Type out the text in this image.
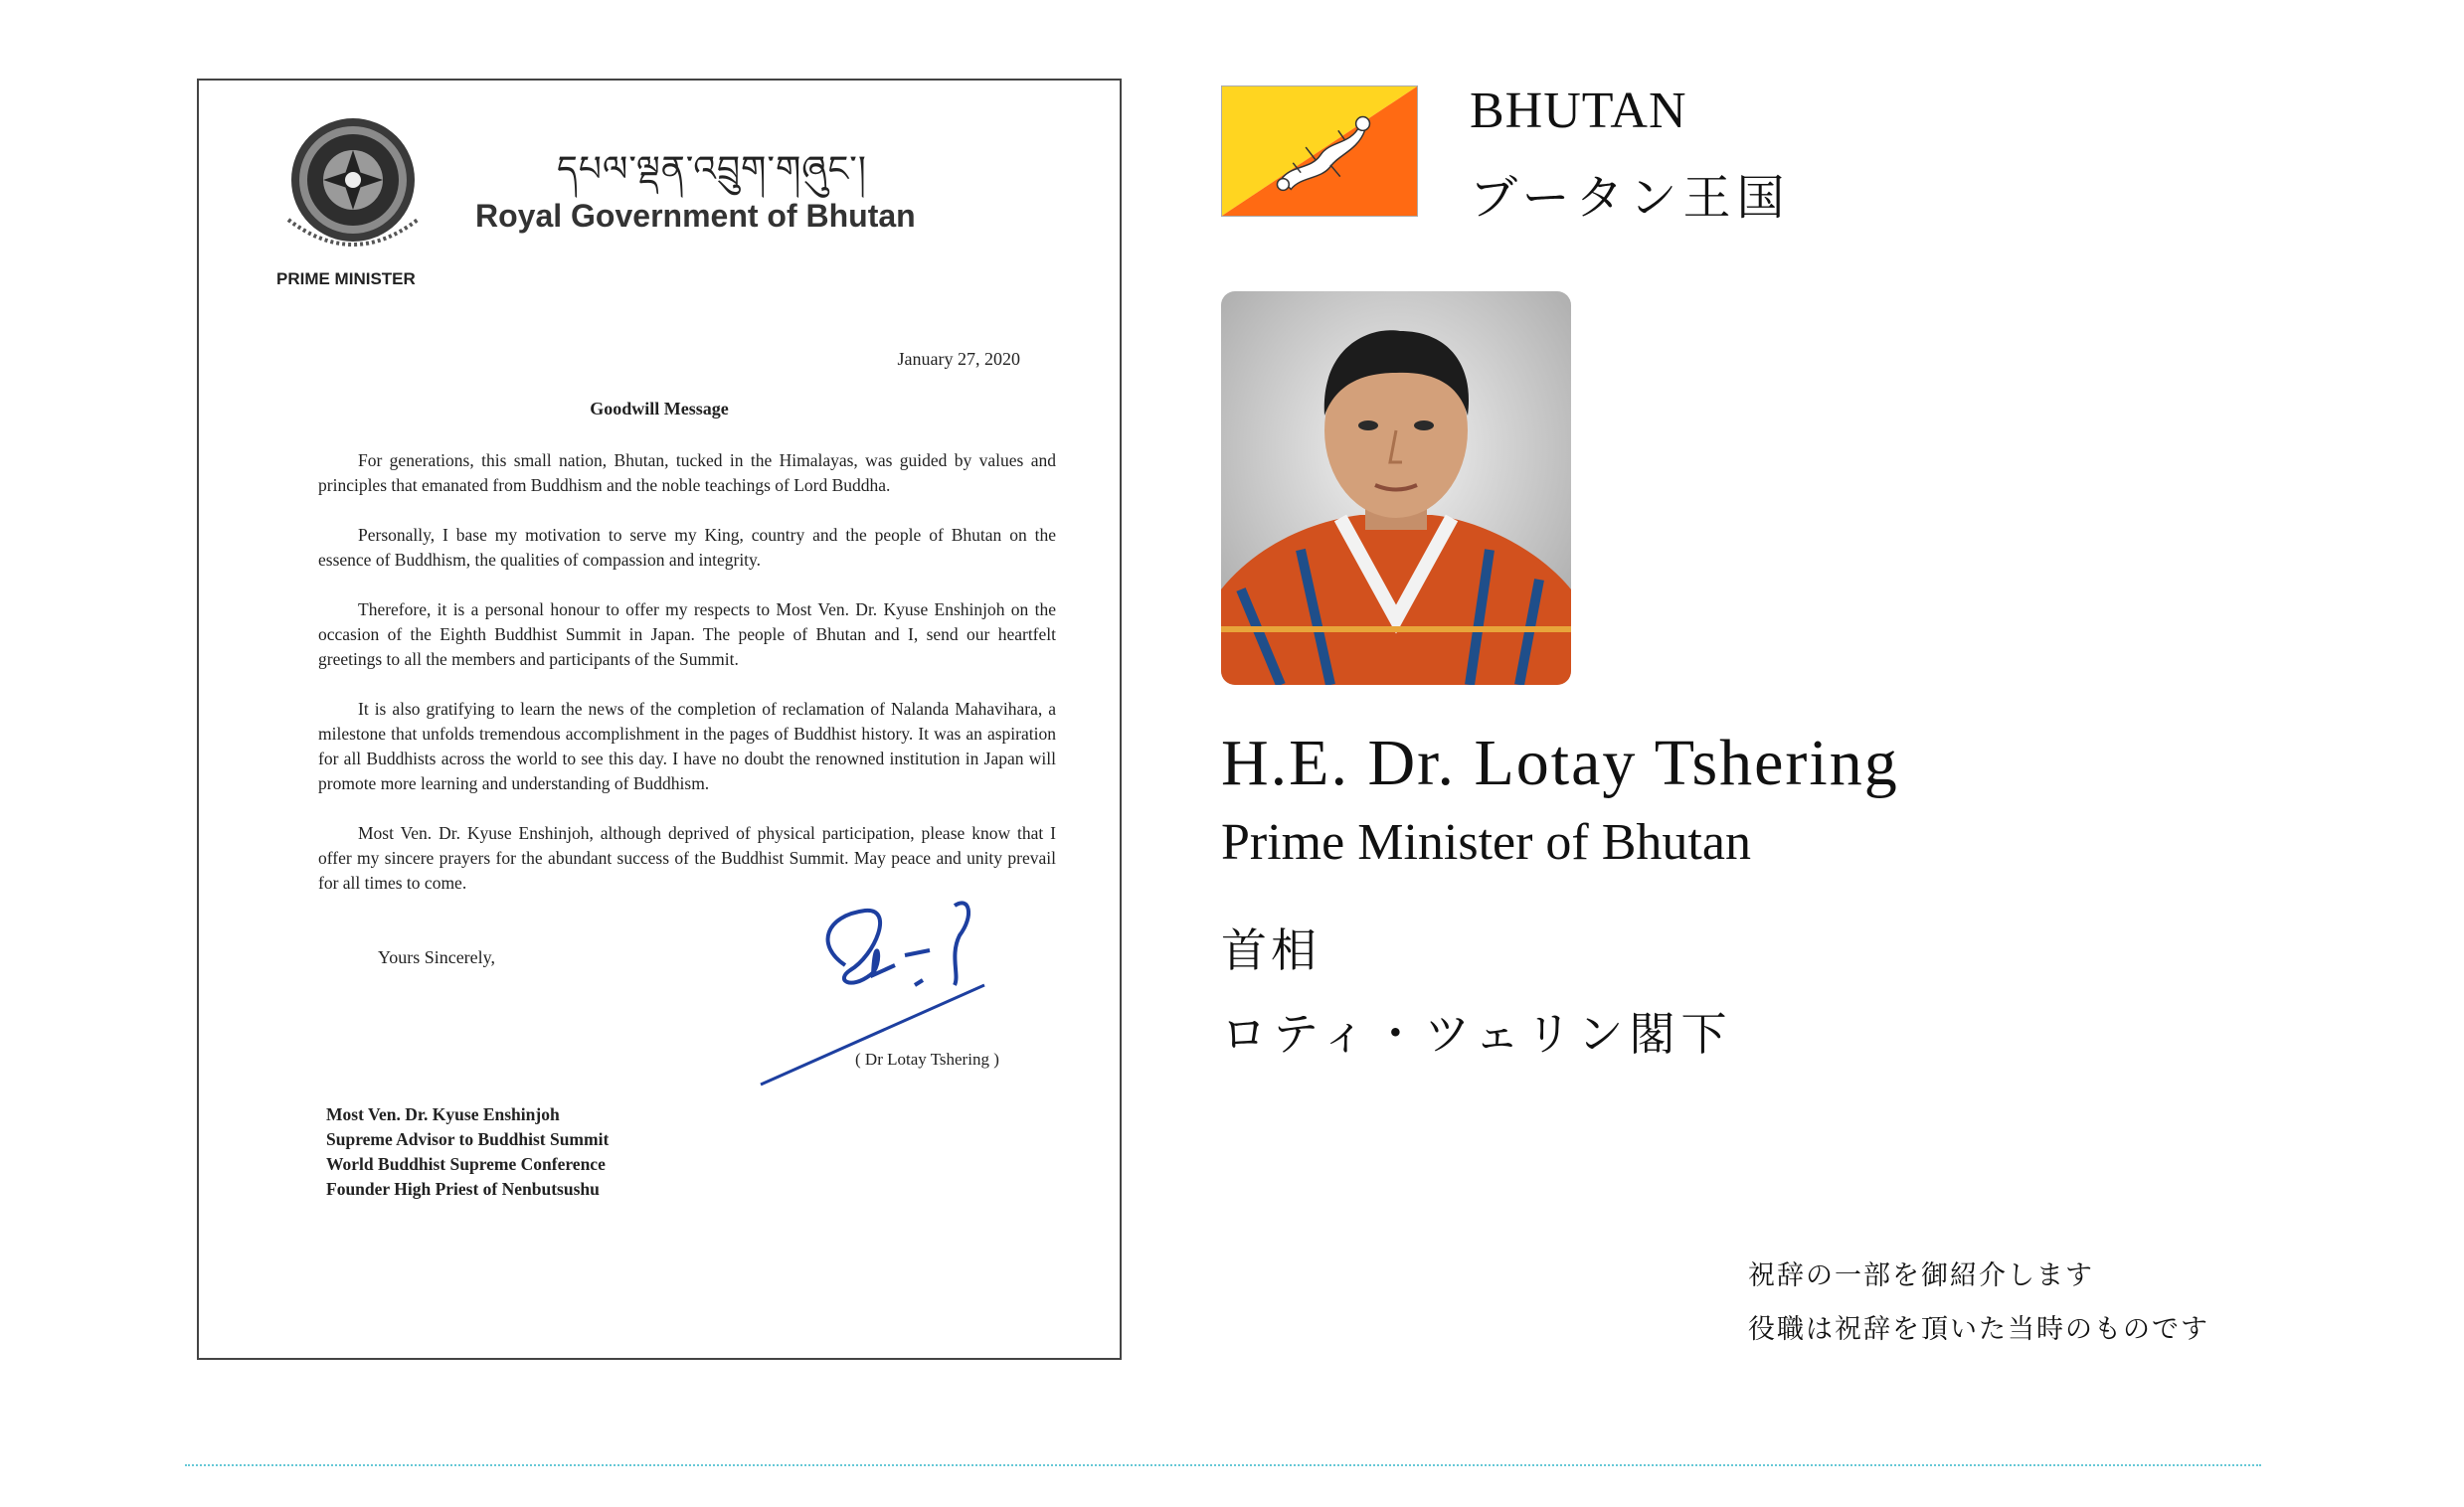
PRIME MINISTER
དཔལ་ལྡན་འབྲུག་གཞུང་།
Royal Government of Bhutan
January 27, 2020
Goodwill Message

For generations, this small nation, Bhutan, tucked in the Himalayas, was guided by values and principles that emanated from Buddhism and the noble teachings of Lord Buddha.

Personally, I base my motivation to serve my King, country and the people of Bhutan on the essence of Buddhism, the qualities of compassion and integrity.

Therefore, it is a personal honour to offer my respects to Most Ven. Dr. Kyuse Enshinjoh on the occasion of the Eighth Buddhist Summit in Japan. The people of Bhutan and I, send our heartfelt greetings to all the members and participants of the Summit.

It is also gratifying to learn the news of the completion of reclamation of Nalanda Mahavihara, a milestone that unfolds tremendous accomplishment in the pages of Buddhist history. It was an aspiration for all Buddhists across the world to see this day. I have no doubt the renowned institution in Japan will promote more learning and understanding of Buddhism.

Most Ven. Dr. Kyuse Enshinjoh, although deprived of physical participation, please know that I offer my sincere prayers for the abundant success of the Buddhist Summit. May peace and unity prevail for all times to come.

Yours Sincerely,
( Dr Lotay Tshering )
Most Ven. Dr. Kyuse Enshinjoh
Supreme Advisor to Buddhist Summit
World Buddhist Supreme Conference
Founder High Priest of Nenbutsushu
BHUTAN
ブータン王国
H.E. Dr. Lotay Tshering
Prime Minister of Bhutan
首相
ロティ・ツェリン閣下
祝辞の一部を御紹介します
役職は祝辞を頂いた当時のものです
